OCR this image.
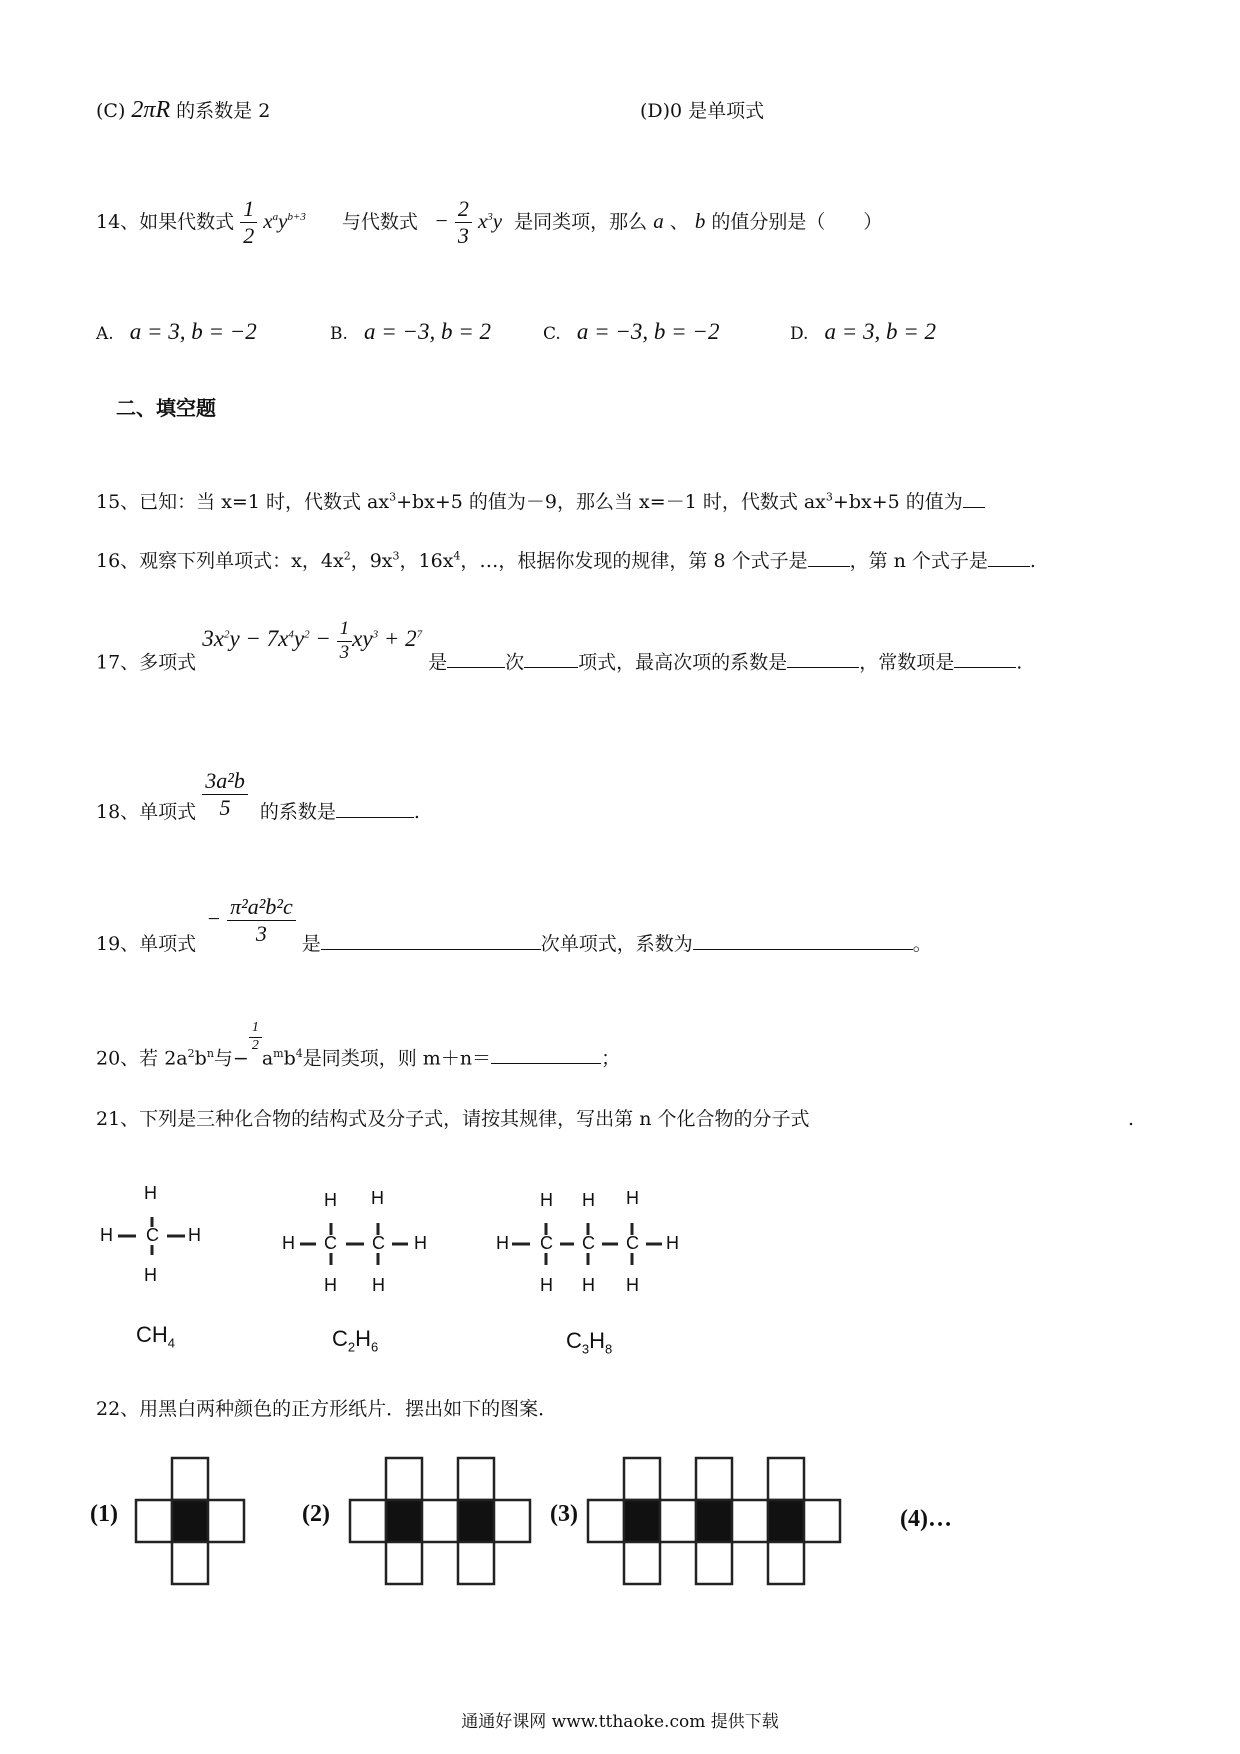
(C) 2πR 的系数是 2	(D)0 是单项式
14、如果代数式 $\frac{1}{2} x^ay^{b+3}$ 与代数式 − $\frac{2}{3} x^3y$ 是同类项，那么 a 、 b 的值分别是（　　）
A. a = 3, b = −2	B. a = −3, b = 2	C. a = −3, b = −2	D. a = 3, b = 2
二、填空题
15、已知：当 x=1 时，代数式 $ax^3+bx+5$ 的值为－9，那么当 x=－1 时，代数式 $ax^3+bx+5$ 的值为
16、观察下列单项式：x，$4x^2$，$9x^3$，$16x^4$，…，根据你发现的规律，第 8 个式子是 ，第 n 个式子是 .
17、多项式 $3x^2y - 7x^4y^2 - \frac{1}{3} xy^3 + 2^7$ 是	次	项式，最高次项的系数是	，常数项是	.
18、单项式 $\frac{\text{3a²b}}{5}$ 的系数是	.
19、单项式 − $\frac{\text{π²a²b²c}}{3}$ 是	次单项式，系数为	。
20、若 $2a^2b^n$与−
$\frac{1}{2}$
$a^mb^4$是同类项，则 m＋n＝	；
21、下列是三种化合物的结构式及分子式，请按其规律，写出第 n 个化合物的分子式	.
H
H C H
H
H H
H C C H
H H
H H H
H C C C H
H H H
$CH_4$	$C_2H_6$	$C_3H_8$
22、用黑白两种颜色的正方形纸片．摆出如下的图案．
(1)	(2)	(3)	(4)…
通通好课网 www.tthaoke.com 提供下载
